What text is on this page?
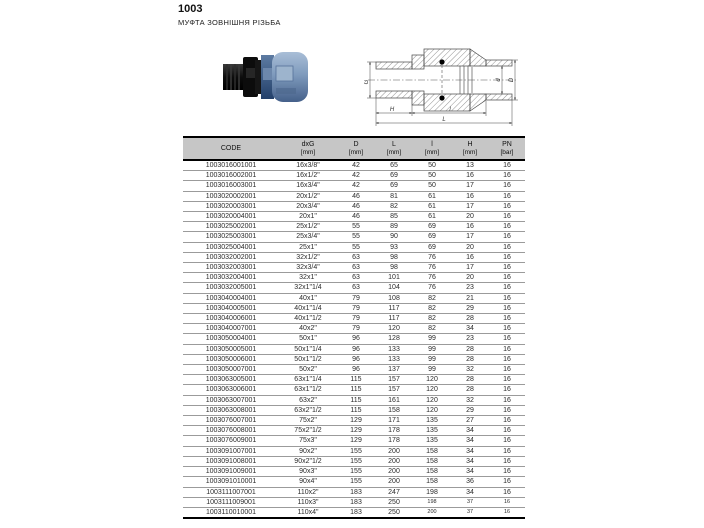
1003
МУФТА ЗОВНІШНЯ РІЗЬБА
G	d D
H	l
L
CODE

dxG
[mm]

D
[mm]

L
[mm]

l
[mm]

H
[mm]

PN
[bar]

1003016001001	16x3/8"	42	65	50	13	16
1003016002001	16x1/2"	42	69	50	16	16
1003016003001	16x3/4"	42	69	50	17	16
1003020002001	20x1/2"	46	81	61	16	16
1003020003001	20x3/4"	46	82	61	17	16
1003020004001	20x1"	46	85	61	20	16
1003025002001	25x1/2"	55	89	69	16	16
1003025003001	25x3/4"	55	90	69	17	16
1003025004001	25x1"	55	93	69	20	16
1003032002001	32x1/2"	63	98	76	16	16
1003032003001	32x3/4"	63	98	76	17	16
1003032004001	32x1"	63	101	76	20	16
1003032005001	32x1"1/4	63	104	76	23	16
1003040004001	40x1"	79	108	82	21	16
1003040005001	40x1"1/4	79	117	82	29	16
1003040006001	40x1"1/2	79	117	82	28	16
1003040007001	40x2"	79	120	82	34	16
1003050004001	50x1"	96	128	99	23	16
1003050005001	50x1"1/4	96	133	99	28	16
1003050006001	50x1"1/2	96	133	99	28	16
1003050007001	50x2"	96	137	99	32	16
1003063005001	63x1"1/4	115	157	120	28	16
1003063006001	63x1"1/2	115	157	120	28	16
1003063007001	63x2"	115	161	120	32	16
1003063008001	63x2"1/2	115	158	120	29	16
1003076007001	75x2"	129	171	135	27	16
1003076008001	75x2"1/2	129	178	135	34	16
1003076009001	75x3"	129	178	135	34	16
1003091007001	90x2"	155	200	158	34	16
1003091008001	90x2"1/2	155	200	158	34	16
1003091009001	90x3"	155	200	158	34	16
1003091010001	90x4"	155	200	158	36	16
1003111007001	110x2"	183	247	198	34	16
1003111009001	110x3"	183	250	198	37	16
1003110010001	110x4"	183	250	200	37	16
